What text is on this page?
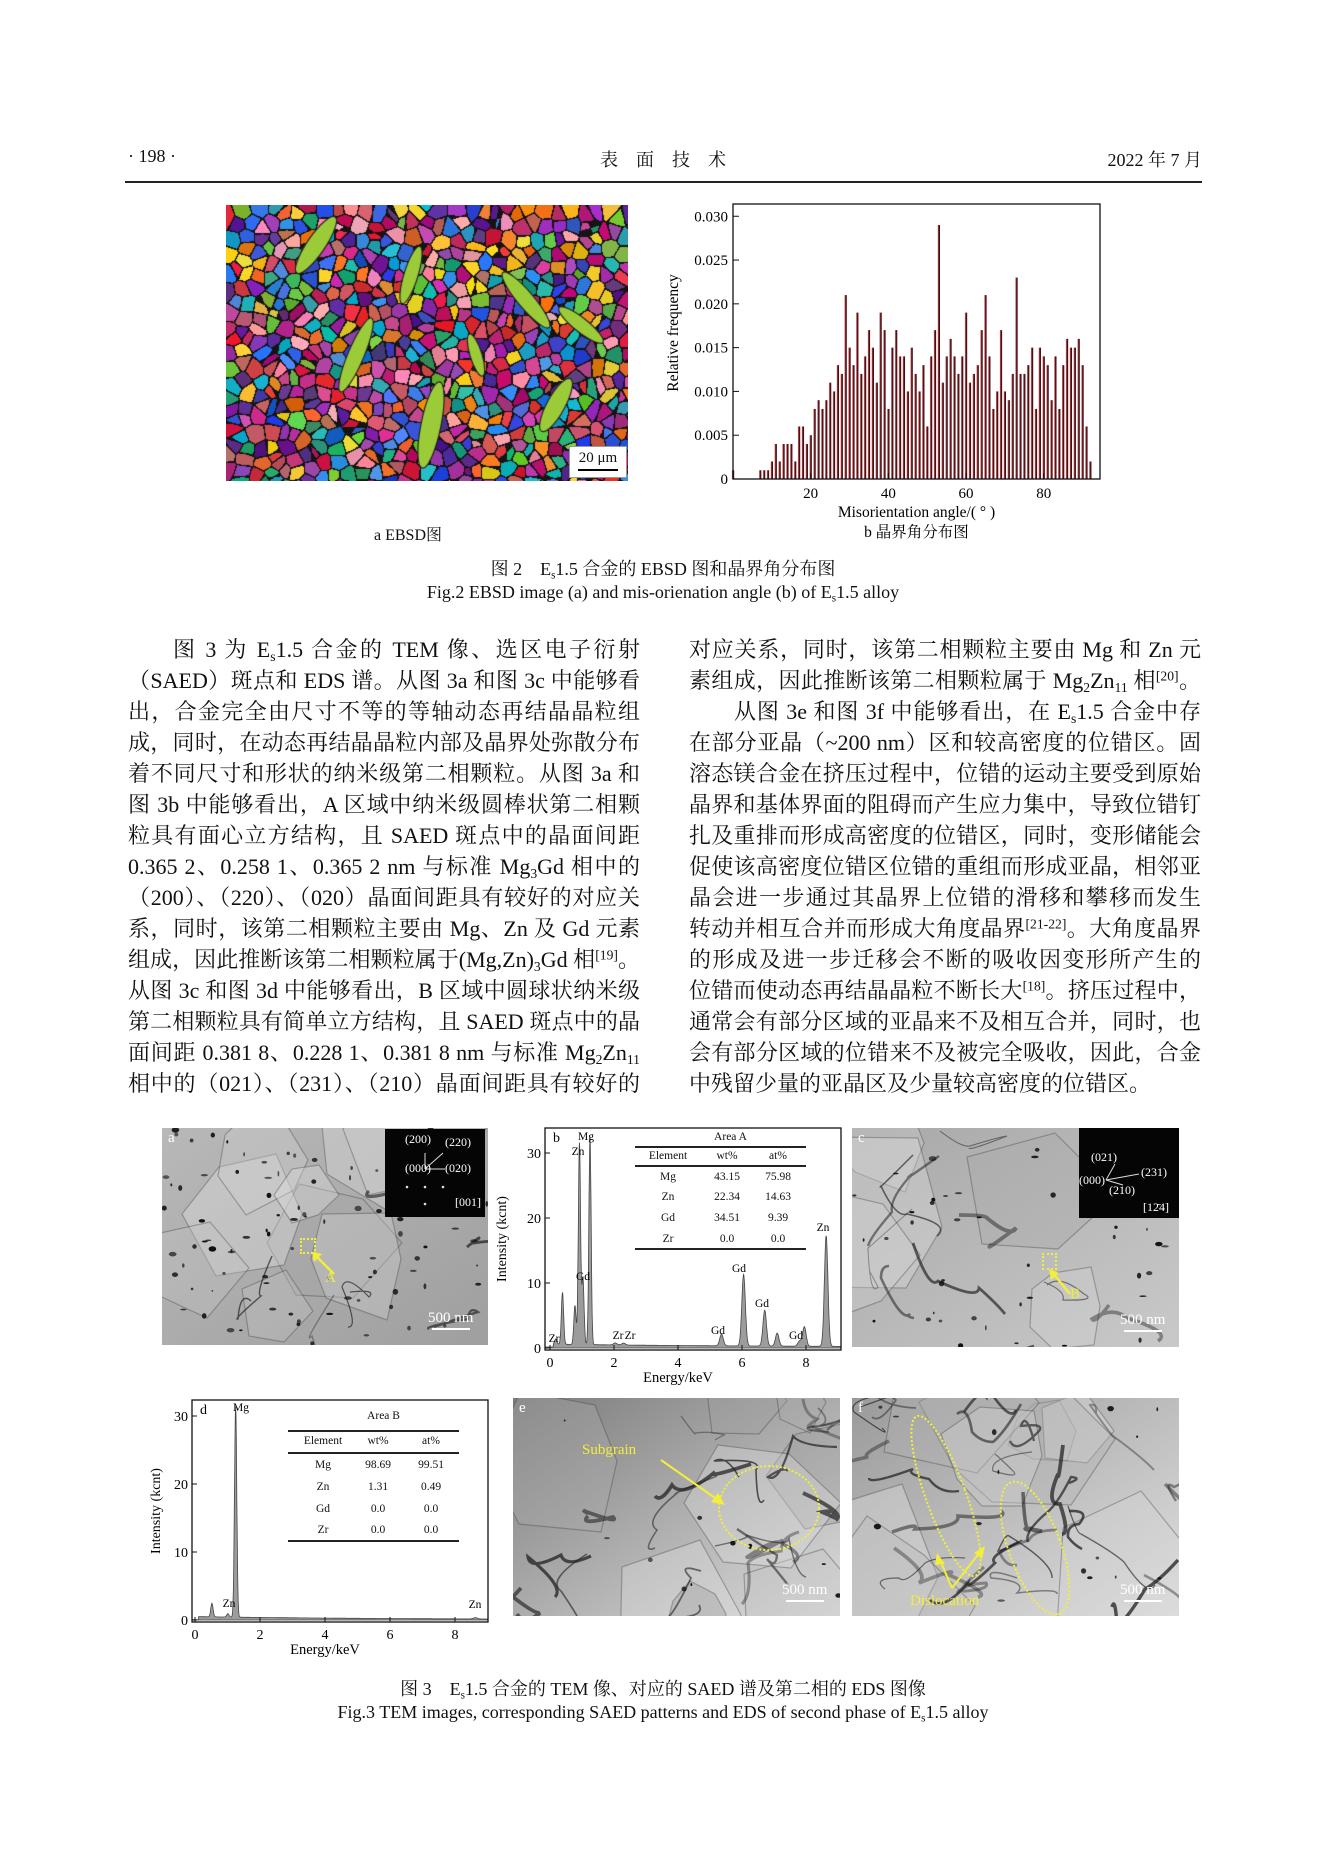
· 198 ·	表　面　技　术	2022 年 7 月
20 μm
a EBSD图
0
0.005
0.010
0.015
0.020
0.025
0.030
20	40	60	80
Misorientation angle/( ° )
b 晶界角分布图
Relative frequency
图 2　$E_s1.5$ 合金的 EBSD 图和晶界角分布图
Fig.2 EBSD image (a) and mis-orienation angle (b) of $E_s1.5$ alloy
图 3 为 $E_s1.5$ 合金的 TEM 像、选区电子衍射
（SAED）斑点和 EDS 谱。从图 3a 和图 3c 中能够看
出，合金完全由尺寸不等的等轴动态再结晶晶粒组
成，同时，在动态再结晶晶粒内部及晶界处弥散分布
着不同尺寸和形状的纳米级第二相颗粒。从图 3a 和
图 3b 中能够看出，A 区域中纳米级圆棒状第二相颗
粒具有面心立方结构，且 SAED 斑点中的晶面间距
0.365 2、0.258 1、0.365 2 nm 与标准 $Mg_3Gd$ 相中的
（200）、（220）、（020）晶面间距具有较好的对应关
系，同时，该第二相颗粒主要由 Mg、Zn 及 Gd 元素
组成，因此推断该第二相颗粒属于$(Mg,Zn)_3Gd$ 相[19]。
从图 3c 和图 3d 中能够看出，B 区域中圆球状纳米级
第二相颗粒具有简单立方结构，且 SAED 斑点中的晶
面间距 0.381 8、0.228 1、0.381 8 nm 与标准 $Mg_2Zn_{11}$
相中的（021）、（231）、（210）晶面间距具有较好的
对应关系，同时，该第二相颗粒主要由 Mg 和 Zn 元
素组成，因此推断该第二相颗粒属于 $Mg_2Zn_{11}$ 相[20]。
从图 3e 和图 3f 中能够看出，在 $E_s1.5$ 合金中存
在部分亚晶（~200 nm）区和较高密度的位错区。固
溶态镁合金在挤压过程中，位错的运动主要受到原始
晶界和基体界面的阻碍而产生应力集中，导致位错钉
扎及重排而形成高密度的位错区，同时，变形储能会
促使该高密度位错区位错的重组而形成亚晶，相邻亚
晶会进一步通过其晶界上位错的滑移和攀移而发生
转动并相互合并而形成大角度晶界[21-22]。大角度晶界
的形成及进一步迁移会不断的吸收因变形所产生的
位错而使动态再结晶晶粒不断长大[18]。挤压过程中，
通常会有部分区域的亚晶来不及相互合并，同时，也
会有部分区域的位错来不及被完全吸收，因此，合金
中残留少量的亚晶区及少量较高密度的位错区。
a	(200) (220)
(000) (020)
[001]
A
500 nm
0
10
20
30
0	2	4	6	8
Energy/keV
Intensity (kcnt)
b
Zr
Zn
Gd
Mg
Zr Zr	Gd
Gd
Gd
Gd
Zn
Area A
Element	wt%	at%
Mg	43.15 75.98
Zn	22.34 14.63
Gd	34.51 9.39
Zr	0.0	0.0
c
(021)
(231)
(000)
(210)
[12̄4]
B
500 nm
0
10
20
30
0	2	4	6	8
Energy/keV
Intensity (kcnt)
d
Zn
Mg
Zn
Area B
Element wt%	at%
Mg	98.69 99.51
Zn	1.31	0.49
Gd	0.0	0.0
Zr	0.0	0.0
e
Subgrain
500 nm
f
Dislocation
500 nm
图 3　$E_s1.5$ 合金的 TEM 像、对应的 SAED 谱及第二相的 EDS 图像
Fig.3 TEM images, corresponding SAED patterns and EDS of second phase of $E_s1.5$ alloy
